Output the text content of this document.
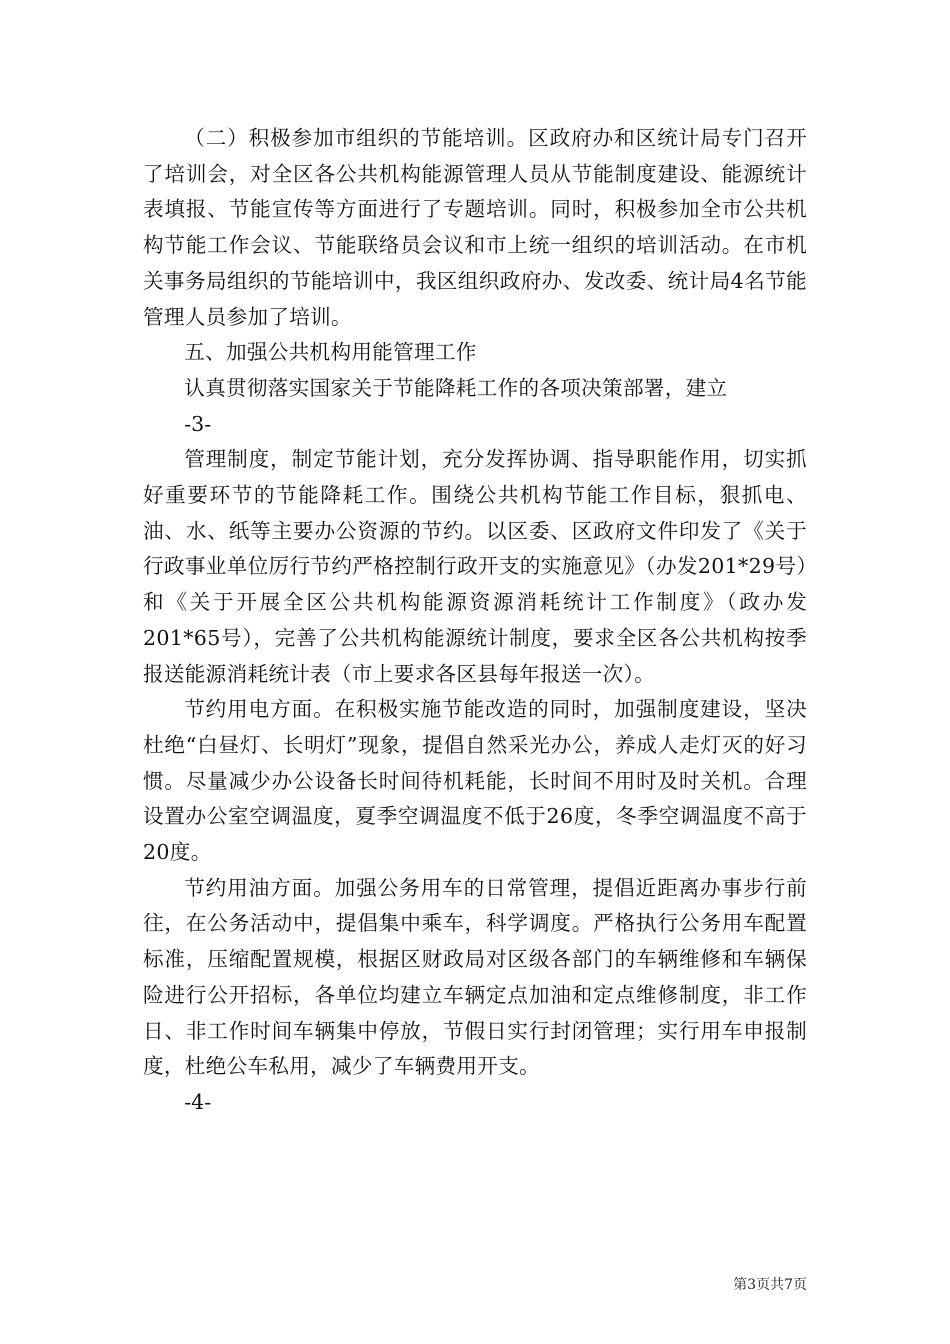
（二）积极参加市组织的节能培训。区政府办和区统计局专门召开了培训会，对全区各公共机构能源管理人员从节能制度建设、能源统计表填报、节能宣传等方面进行了专题培训。同时，积极参加全市公共机构节能工作会议、节能联络员会议和市上统一组织的培训活动。在市机关事务局组织的节能培训中，我区组织政府办、发改委、统计局4名节能管理人员参加了培训。

五、加强公共机构用能管理工作

认真贯彻落实国家关于节能降耗工作的各项决策部署，建立

-3-

管理制度，制定节能计划，充分发挥协调、指导职能作用，切实抓好重要环节的节能降耗工作。围绕公共机构节能工作目标，狠抓电、油、水、纸等主要办公资源的节约。以区委、区政府文件印发了《关于行政事业单位厉行节约严格控制行政开支的实施意见》（办发201*29号）和《关于开展全区公共机构能源资源消耗统计工作制度》（政办发201*65号），完善了公共机构能源统计制度，要求全区各公共机构按季报送能源消耗统计表（市上要求各区县每年报送一次）。

节约用电方面。在积极实施节能改造的同时，加强制度建设，坚决杜绝“白昼灯、长明灯”现象，提倡自然采光办公，养成人走灯灭的好习惯。尽量减少办公设备长时间待机耗能，长时间不用时及时关机。合理设置办公室空调温度，夏季空调温度不低于26度，冬季空调温度不高于20度。

节约用油方面。加强公务用车的日常管理，提倡近距离办事步行前往，在公务活动中，提倡集中乘车，科学调度。严格执行公务用车配置标准，压缩配置规模，根据区财政局对区级各部门的车辆维修和车辆保险进行公开招标，各单位均建立车辆定点加油和定点维修制度，非工作日、非工作时间车辆集中停放，节假日实行封闭管理；实行用车申报制度，杜绝公车私用，减少了车辆费用开支。

-4-

第3页共7页
